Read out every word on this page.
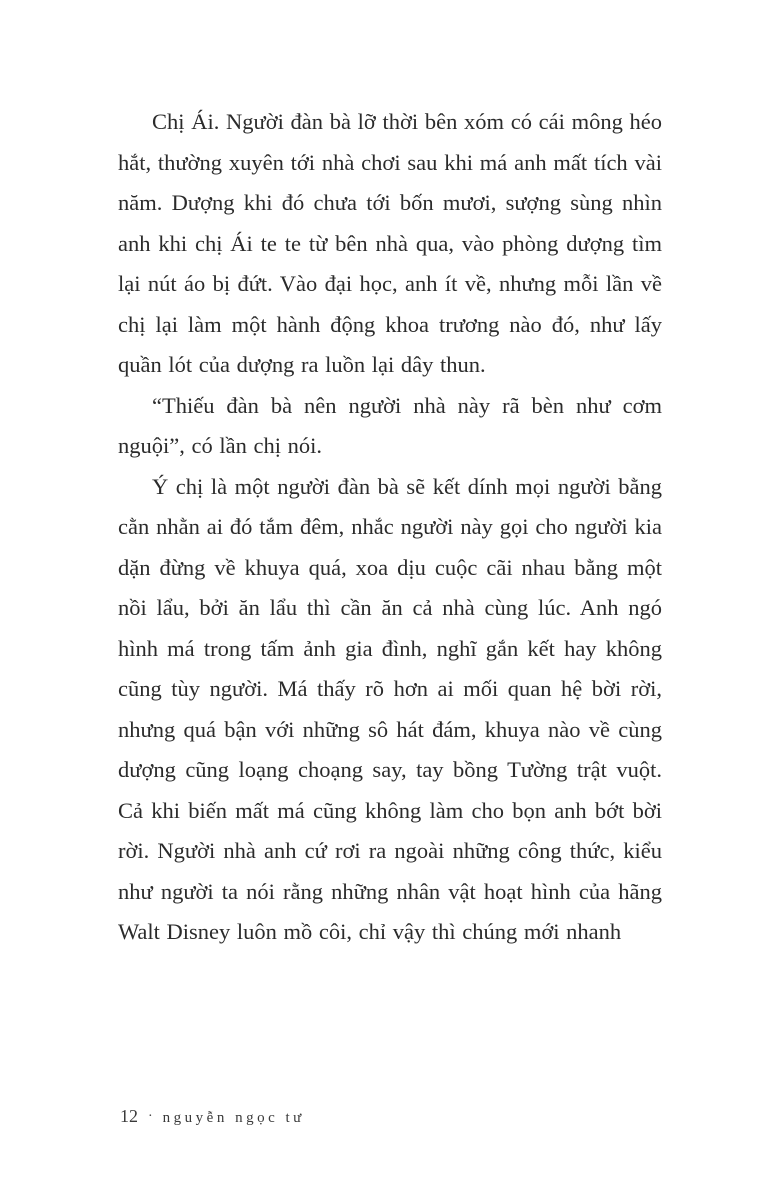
Chị Ái. Người đàn bà lỡ thời bên xóm có cái mông héo hắt, thường xuyên tới nhà chơi sau khi má anh mất tích vài năm. Dượng khi đó chưa tới bốn mươi, sượng sùng nhìn anh khi chị Ái te te từ bên nhà qua, vào phòng dượng tìm lại nút áo bị đứt. Vào đại học, anh ít về, nhưng mỗi lần về chị lại làm một hành động khoa trương nào đó, như lấy quần lót của dượng ra luồn lại dây thun.

“Thiếu đàn bà nên người nhà này rã bèn như cơm nguội”, có lần chị nói.

Ý chị là một người đàn bà sẽ kết dính mọi người bằng cằn nhằn ai đó tắm đêm, nhắc người này gọi cho người kia dặn đừng về khuya quá, xoa dịu cuộc cãi nhau bằng một nồi lẩu, bởi ăn lẩu thì cần ăn cả nhà cùng lúc. Anh ngó hình má trong tấm ảnh gia đình, nghĩ gắn kết hay không cũng tùy người. Má thấy rõ hơn ai mối quan hệ bời rời, nhưng quá bận với những sô hát đám, khuya nào về cùng dượng cũng loạng choạng say, tay bồng Tường trật vuột. Cả khi biến mất má cũng không làm cho bọn anh bớt bời rời. Người nhà anh cứ rơi ra ngoài những công thức, kiểu như người ta nói rằng những nhân vật hoạt hình của hãng Walt Disney luôn mồ côi, chỉ vậy thì chúng mới nhanh

12 · nguyễn ngọc tư
